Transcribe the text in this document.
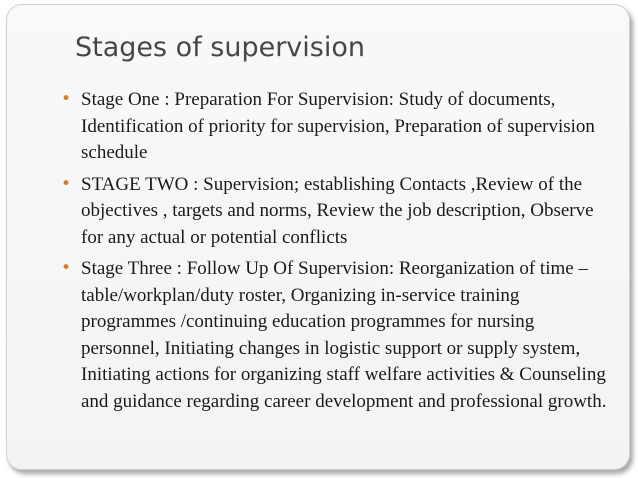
Stages of supervision
• Stage One : Preparation For Supervision: Study of documents, Identification of priority for supervision, Preparation of supervision schedule
• STAGE TWO : Supervision; establishing Contacts ,Review of the objectives , targets and norms, Review the job description, Observe for any actual or potential conflicts
• Stage Three : Follow Up Of Supervision: Reorganization of time –table/workplan/duty roster, Organizing in-service training programmes /continuing education programmes for nursing personnel, Initiating changes in logistic support or supply system, Initiating actions for organizing staff welfare activities & Counseling and guidance regarding career development and professional growth.
